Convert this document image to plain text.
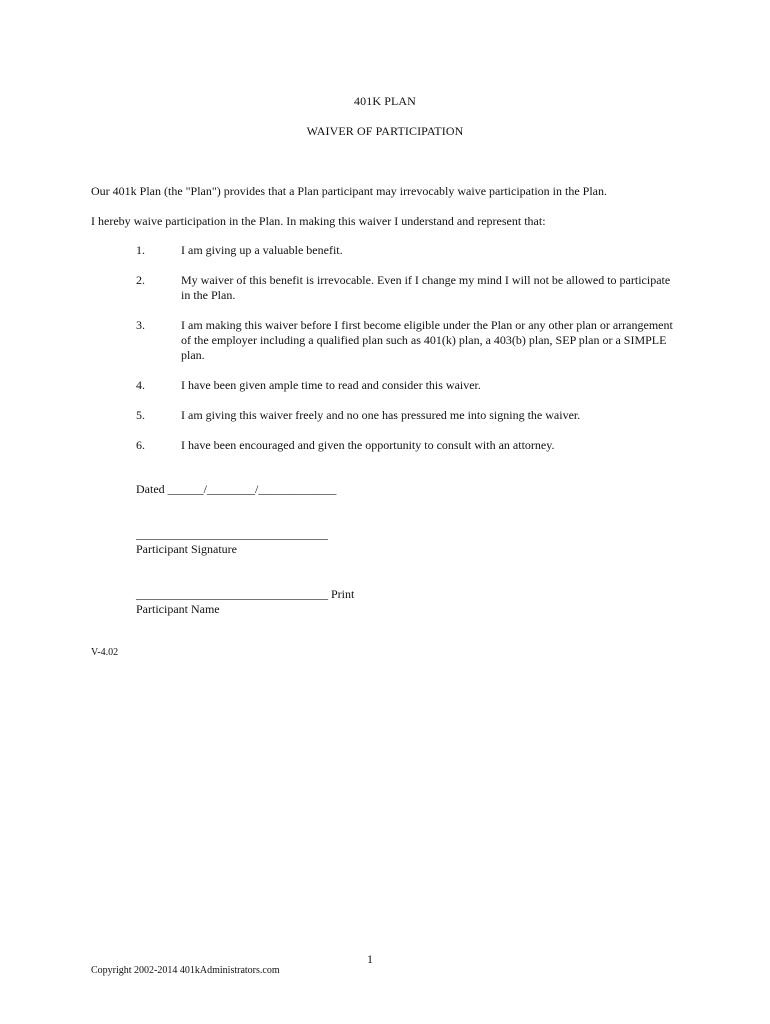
401K PLAN
WAIVER OF PARTICIPATION
Our 401k Plan (the "Plan") provides that a Plan participant may irrevocably waive participation in the Plan.
I hereby waive participation in the Plan. In making this waiver I understand and represent that:
1.	I am giving up a valuable benefit.
2.	My waiver of this benefit is irrevocable. Even if I change my mind I will not be allowed to participate in the Plan.
3.	I am making this waiver before I first become eligible under the Plan or any other plan or arrangement of the employer including a qualified plan such as 401(k) plan, a 403(b) plan, SEP plan or a SIMPLE plan.
4.	I have been given ample time to read and consider this waiver.
5.	I am giving this waiver freely and no one has pressured me into signing the waiver.
6.	I have been encouraged and given the opportunity to consult with an attorney.
Dated ______/________/_____________
________________________________
Participant Signature
________________________________ Print
Participant Name
V-4.02
1
Copyright 2002-2014 401kAdministrators.com
